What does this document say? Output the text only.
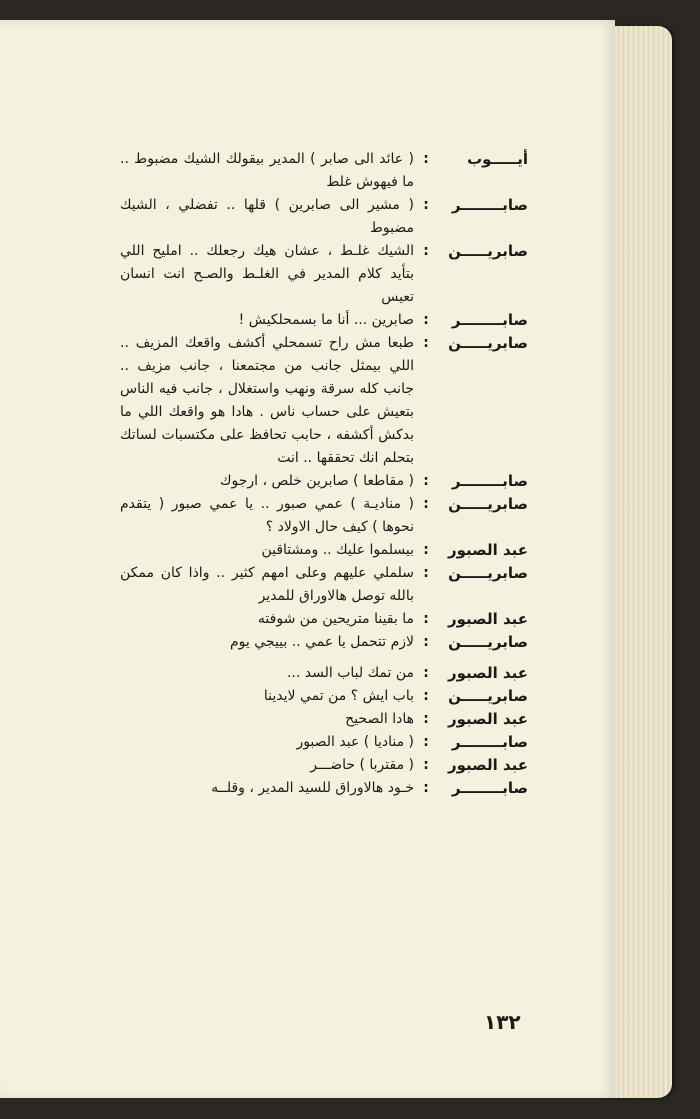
أيـــــوب
:
( عائد الى صابر ) المدير بيقولك الشيك مضبوط .. ما فيهوش غلط
صابــــــــر
:
( مشير الى صابرين ) قلها .. تفضلي ، الشيك مضبوط
صابريـــــن
:
الشيك غلـط ، عشان هيك رجعلك .. امليح اللي بتأيد كلام المدير في الغلـط والصـح انت انسان تعيس
صابــــــــر
:
صابرين ... أنا ما بسمحلكيش !
صابريـــــن
:
طبعا مش راح تسمحلي أكشف واقعك المزيف .. اللي بيمثل جانب من مجتمعنا ، جانب مزيف .. جانب كله سرقة ونهب واستغلال ، جانب فيه الناس بتعيش على حساب ناس . هادا هو واقعك اللي ما بدكش أكشفه ، حابب تحافظ على مكتسبات لساتك بتحلم انك تحققها .. انت
صابــــــــر
:
( مقاطعا ) صابرين خلص ، ارجوك
صابريـــــن
:
( مناديـة ) عمي صبور .. يا عمي صبور ( يتقدم نحوها ) كيف حال الاولاد ؟
عبد الصبور
:
بيسلموا عليك .. ومشتاقين
صابريـــــن
:
سلملي عليهم وعلى امهم كثير .. واذا كان ممكن بالله توصل هالاوراق للمدير
عبد الصبور
:
ما بقينا متريحين من شوفته
صابريـــــن
:
لازم تتحمل يا عمي .. بييجي يوم
عبد الصبور
:
من تمك لباب السد ...
صابريـــــن
:
باب ايش ؟ من تمي لايدينا
عبد الصبور
:
هادا الصحيح
صابــــــــر
:
( مناديا ) عبد الصبور
عبد الصبور
:
( مقتربا ) حاضـــر
صابــــــــر
:
خـود هالاوراق للسيد المدير ، وقلــه
١٣٢
